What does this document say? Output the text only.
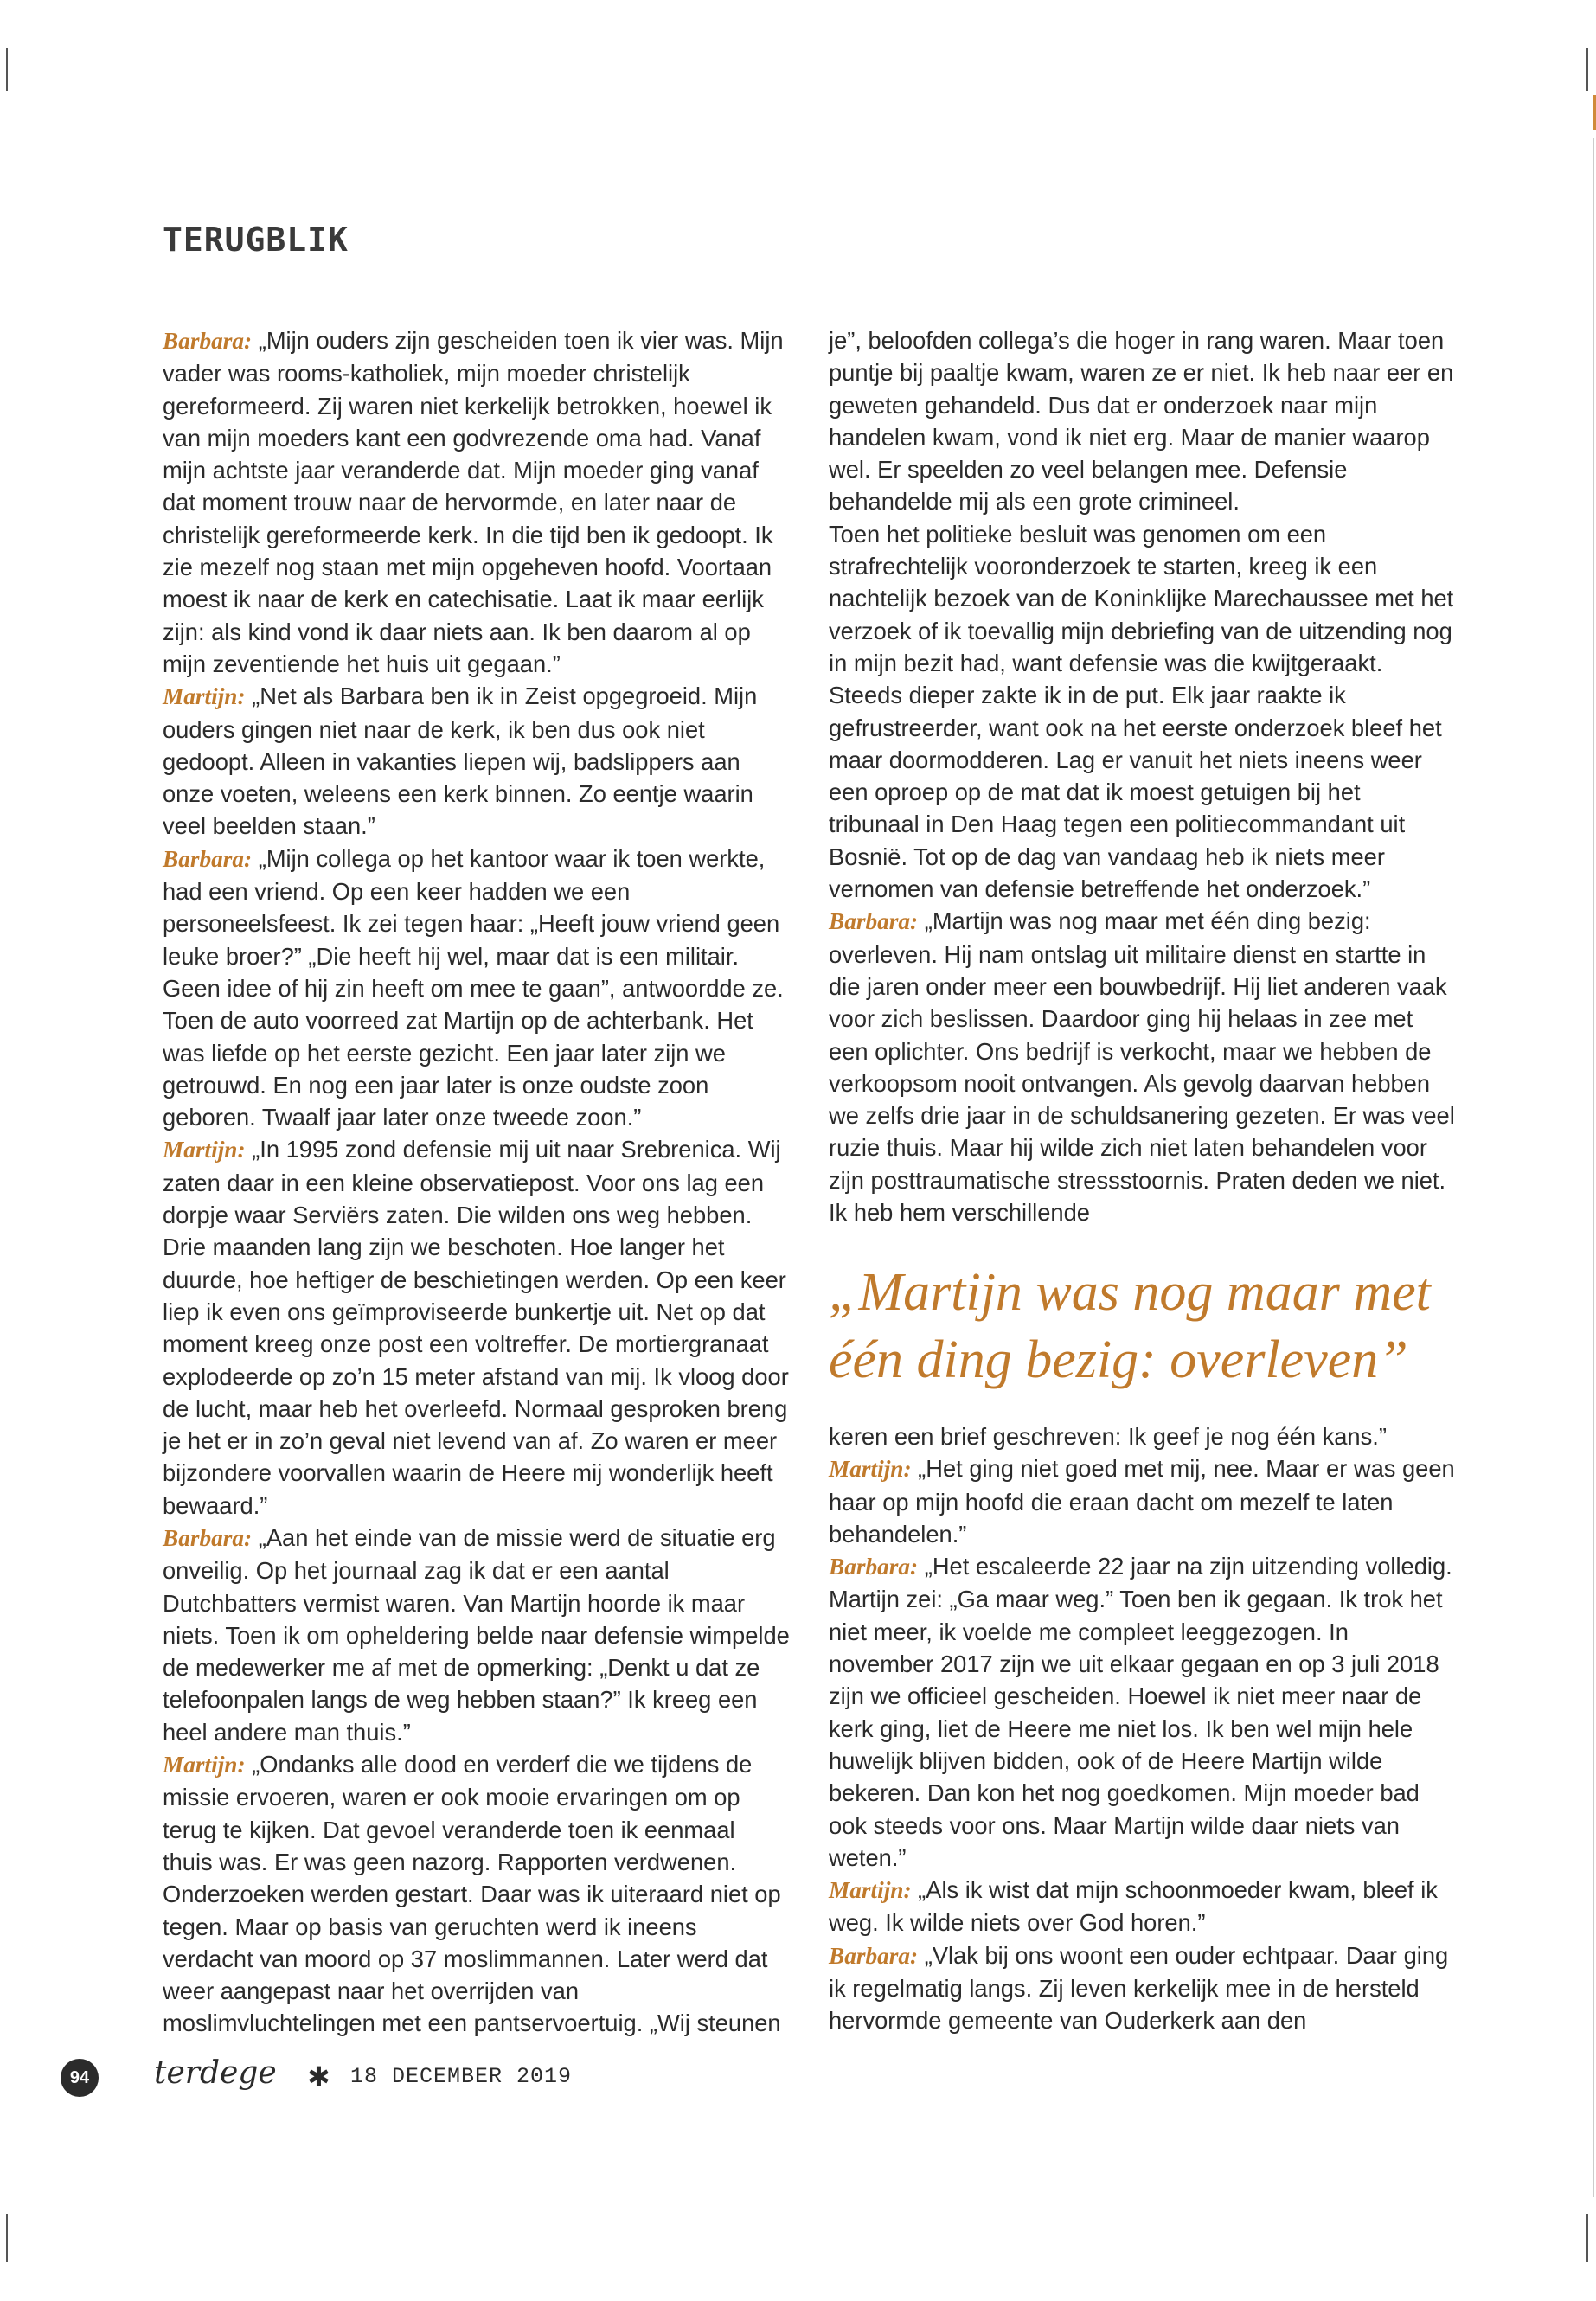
TERUGBLIK

Barbara: „Mijn ouders zijn gescheiden toen ik vier was. Mijn vader was rooms-katholiek, mijn moeder christelijk gereformeerd. Zij waren niet kerkelijk betrokken, hoewel ik van mijn moeders kant een godvrezende oma had. Vanaf mijn achtste jaar veranderde dat. Mijn moeder ging vanaf dat moment trouw naar de hervormde, en later naar de christelijk gereformeerde kerk. In die tijd ben ik gedoopt. Ik zie mezelf nog staan met mijn opgeheven hoofd. Voortaan moest ik naar de kerk en catechisatie. Laat ik maar eerlijk zijn: als kind vond ik daar niets aan. Ik ben daarom al op mijn zeventiende het huis uit gegaan.”

Martijn: „Net als Barbara ben ik in Zeist opgegroeid. Mijn ouders gingen niet naar de kerk, ik ben dus ook niet gedoopt. Alleen in vakanties liepen wij, badslippers aan onze voeten, weleens een kerk binnen. Zo eentje waarin veel beelden staan.”

Barbara: „Mijn collega op het kantoor waar ik toen werkte, had een vriend. Op een keer hadden we een personeelsfeest. Ik zei tegen haar: „Heeft jouw vriend geen leuke broer?” „Die heeft hij wel, maar dat is een militair. Geen idee of hij zin heeft om mee te gaan”, antwoordde ze. Toen de auto voorreed zat Martijn op de achterbank. Het was liefde op het eerste gezicht. Een jaar later zijn we getrouwd. En nog een jaar later is onze oudste zoon geboren. Twaalf jaar later onze tweede zoon.”

Martijn: „In 1995 zond defensie mij uit naar Srebrenica. Wij zaten daar in een kleine observatiepost. Voor ons lag een dorpje waar Serviërs zaten. Die wilden ons weg hebben. Drie maanden lang zijn we beschoten. Hoe langer het duurde, hoe heftiger de beschietingen werden. Op een keer liep ik even ons geïmproviseerde bunkertje uit. Net op dat moment kreeg onze post een voltreffer. De mortiergranaat explodeerde op zo’n 15 meter afstand van mij. Ik vloog door de lucht, maar heb het overleefd. Normaal gesproken breng je het er in zo’n geval niet levend van af. Zo waren er meer bijzondere voorvallen waarin de Heere mij wonderlijk heeft bewaard.”

Barbara: „Aan het einde van de missie werd de situatie erg onveilig. Op het journaal zag ik dat er een aantal Dutchbatters vermist waren. Van Martijn hoorde ik maar niets. Toen ik om opheldering belde naar defensie wimpelde de medewerker me af met de opmerking: „Denkt u dat ze telefoonpalen langs de weg hebben staan?” Ik kreeg een heel andere man thuis.”

Martijn: „Ondanks alle dood en verderf die we tijdens de missie ervoeren, waren er ook mooie ervaringen om op terug te kijken. Dat gevoel veranderde toen ik eenmaal thuis was. Er was geen nazorg. Rapporten verdwenen. Onderzoeken werden gestart. Daar was ik uiteraard niet op tegen. Maar op basis van geruchten werd ik ineens verdacht van moord op 37 moslimmannen. Later werd dat weer aangepast naar het overrijden van moslimvluchtelingen met een pantservoertuig. „Wij steunen

je”, beloofden collega’s die hoger in rang waren. Maar toen puntje bij paaltje kwam, waren ze er niet. Ik heb naar eer en geweten gehandeld. Dus dat er onderzoek naar mijn handelen kwam, vond ik niet erg. Maar de manier waarop wel. Er speelden zo veel belangen mee. Defensie behandelde mij als een grote crimineel.

Toen het politieke besluit was genomen om een strafrechtelijk vooronderzoek te starten, kreeg ik een nachtelijk bezoek van de Koninklijke Marechaussee met het verzoek of ik toevallig mijn debriefing van de uitzending nog in mijn bezit had, want defensie was die kwijtgeraakt. Steeds dieper zakte ik in de put. Elk jaar raakte ik gefrustreerder, want ook na het eerste onderzoek bleef het maar doormodderen. Lag er vanuit het niets ineens weer een oproep op de mat dat ik moest getuigen bij het tribunaal in Den Haag tegen een politiecommandant uit Bosnië. Tot op de dag van vandaag heb ik niets meer vernomen van defensie betreffende het onderzoek.”

Barbara: „Martijn was nog maar met één ding bezig: overleven. Hij nam ontslag uit militaire dienst en startte in die jaren onder meer een bouwbedrijf. Hij liet anderen vaak voor zich beslissen. Daardoor ging hij helaas in zee met een oplichter. Ons bedrijf is verkocht, maar we hebben de verkoopsom nooit ontvangen. Als gevolg daarvan hebben we zelfs drie jaar in de schuldsanering gezeten. Er was veel ruzie thuis. Maar hij wilde zich niet laten behandelen voor zijn posttraumatische stressstoornis. Praten deden we niet. Ik heb hem verschillende

„Martijn was nog maar met één ding bezig: overleven”

keren een brief geschreven: Ik geef je nog één kans.”

Martijn: „Het ging niet goed met mij, nee. Maar er was geen haar op mijn hoofd die eraan dacht om mezelf te laten behandelen.”

Barbara: „Het escaleerde 22 jaar na zijn uitzending volledig. Martijn zei: „Ga maar weg.” Toen ben ik gegaan. Ik trok het niet meer, ik voelde me compleet leeggezogen. In november 2017 zijn we uit elkaar gegaan en op 3 juli 2018 zijn we officieel gescheiden. Hoewel ik niet meer naar de kerk ging, liet de Heere me niet los. Ik ben wel mijn hele huwelijk blijven bidden, ook of de Heere Martijn wilde bekeren. Dan kon het nog goedkomen. Mijn moeder bad ook steeds voor ons. Maar Martijn wilde daar niets van weten.”

Martijn: „Als ik wist dat mijn schoonmoeder kwam, bleef ik weg. Ik wilde niets over God horen.”

Barbara: „Vlak bij ons woont een ouder echtpaar. Daar ging ik regelmatig langs. Zij leven kerkelijk mee in de hersteld hervormde gemeente van Ouderkerk aan den

94	terdege ✱ 18 DECEMBER 2019
